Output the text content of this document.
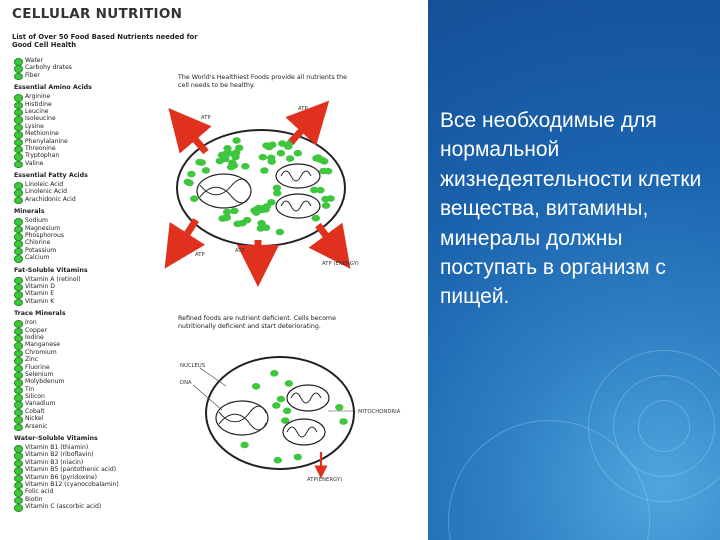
CELLULAR NUTRITION
List of Over 50 Food Based Nutrients needed for Good Cell Health
Water
Carbohy drates
Fiber
Essential Amino Acids
Arginine
Histidine
Leucine
Isoleucine
Lysine
Methionine
Phenylalanine
Threonine
Tryptophan
Valine
Essential Fatty Acids
Linoleic Acid
Linolenic Acid
Arachidonic Acid
Minerals
Sodium
Magnesium
Phosphorous
Chlorine
Potassium
Calcium
Fat-Soluble Vitamins
Vitamin A (retinol)
Vitamin D
Vitamin E
Vitamin K
Trace Minerals
Iron
Copper
Iodine
Manganese
Chromium
Zinc
Fluorine
Selenium
Molybdenum
Tin
Silicon
Vanadium
Cobalt
Nickel
Arsenic
Water-Soluble Vitamins
Vitamin B1 (thiamin)
Vitamin B2 (riboflavin)
Vitamin B3 (niacin)
Vitamin B5 (pantothenic acid)
Vitamin B6 (pyridoxine)
Vitamin B12 (cyanocobalamin)
Folic acid
Biotin
Vitamin C (ascorbic acid)
The World's Healthiest Foods provide all nutrients the cell needs to be healthy.
Refined foods are nutrient deficient. Cells become nutritionally deficient and start deteriorating.
ATP
ATP
ATP
ATP
ATP (ENERGY)
NUCLEUS
DNA
MITOCHONDRIA
ATP(ENERGY)
Все необходимые для нормальной жизнедеятельности клетки вещества, витамины, минералы должны поступать в организм с пищей.
